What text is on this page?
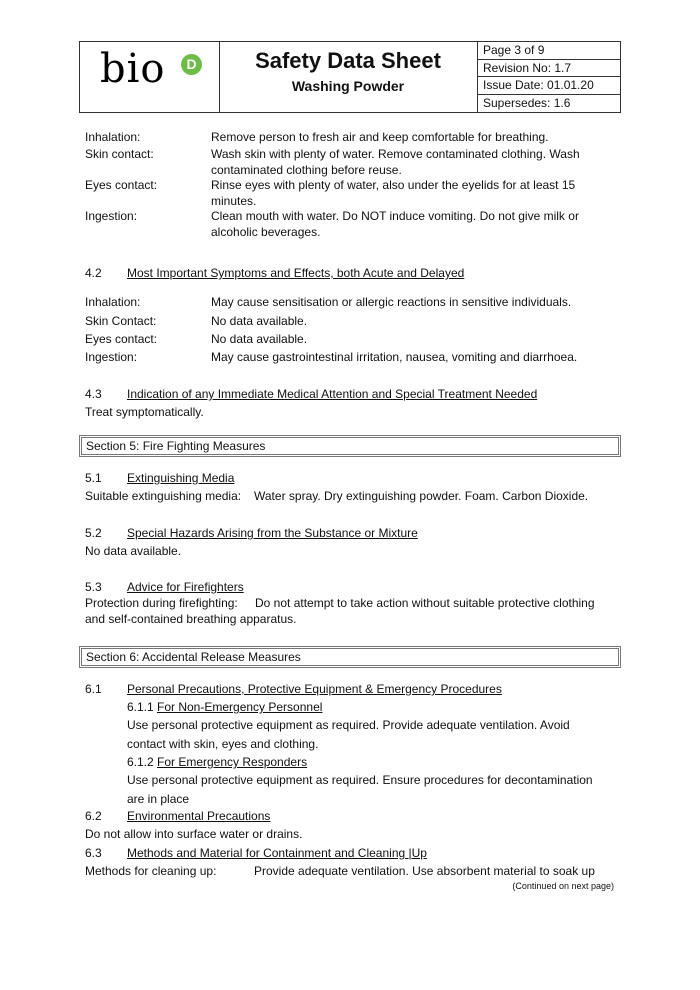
bio	D	Safety Data Sheet
Washing Powder
Page 3 of 9
Revision No: 1.7
Issue Date: 01.01.20
Supersedes: 1.6
Inhalation:	Remove person to fresh air and keep comfortable for breathing.
Skin contact:	Wash skin with plenty of water. Remove contaminated clothing. Wash contaminated clothing before reuse.
Eyes contact:	Rinse eyes with plenty of water, also under the eyelids for at least 15 minutes.
Ingestion:	Clean mouth with water. Do NOT induce vomiting. Do not give milk or alcoholic beverages.
4.2 Most Important Symptoms and Effects, both Acute and Delayed
Inhalation:	May cause sensitisation or allergic reactions in sensitive individuals.
Skin Contact:	No data available.
Eyes contact:	No data available.
Ingestion:	May cause gastrointestinal irritation, nausea, vomiting and diarrhoea.
4.3 Indication of any Immediate Medical Attention and Special Treatment Needed
Treat symptomatically.
Section 5: Fire Fighting Measures
5.1 Extinguishing Media
Suitable extinguishing media: Water spray. Dry extinguishing powder. Foam. Carbon Dioxide.
5.2 Special Hazards Arising from the Substance or Mixture
No data available.
5.3 Advice for Firefighters
Protection during firefighting: Do not attempt to take action without suitable protective clothing
and self-contained breathing apparatus.
Section 6: Accidental Release Measures
6.1 Personal Precautions, Protective Equipment & Emergency Procedures
6.1.1 For Non-Emergency Personnel
Use personal protective equipment as required. Provide adequate ventilation. Avoid
contact with skin, eyes and clothing.
6.1.2 For Emergency Responders
Use personal protective equipment as required. Ensure procedures for decontamination
are in place
6.2 Environmental Precautions
Do not allow into surface water or drains.
6.3 Methods and Material for Containment and Cleaning |Up
Methods for cleaning up:	Provide adequate ventilation. Use absorbent material to soak up
(Continued on next page)
